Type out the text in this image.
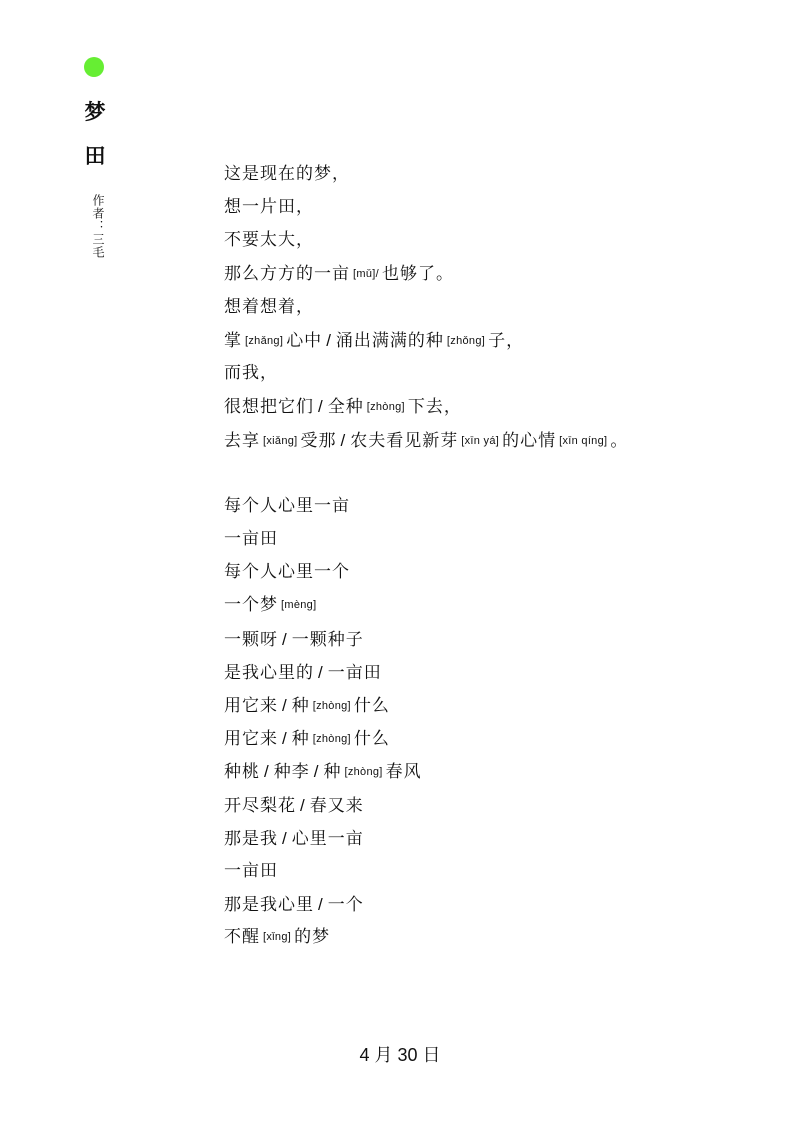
梦
田
作者：三毛
这是现在的梦，
想一片田，
不要太大，
那么方方的一亩 [mǔ]/ 也够了。
想着想着，
掌 [zhǎng] 心中 / 涌出满满的种 [zhǒng] 子，
而我，
很想把它们 / 全种 [zhòng] 下去，
去享 [xiǎng] 受那 / 农夫看见新芽 [xīn yá] 的心情 [xīn qíng] 。
每个人心里一亩
一亩田
每个人心里一个
一个梦 [mèng]
一颗呀 / 一颗种子
是我心里的 / 一亩田
用它来 / 种 [zhòng] 什么
用它来 / 种 [zhòng] 什么
种桃 / 种李 / 种 [zhòng] 春风
开尽梨花 / 春又来
那是我 / 心里一亩
一亩田
那是我心里 / 一个
不醒 [xǐng] 的梦
4 月 30 日
